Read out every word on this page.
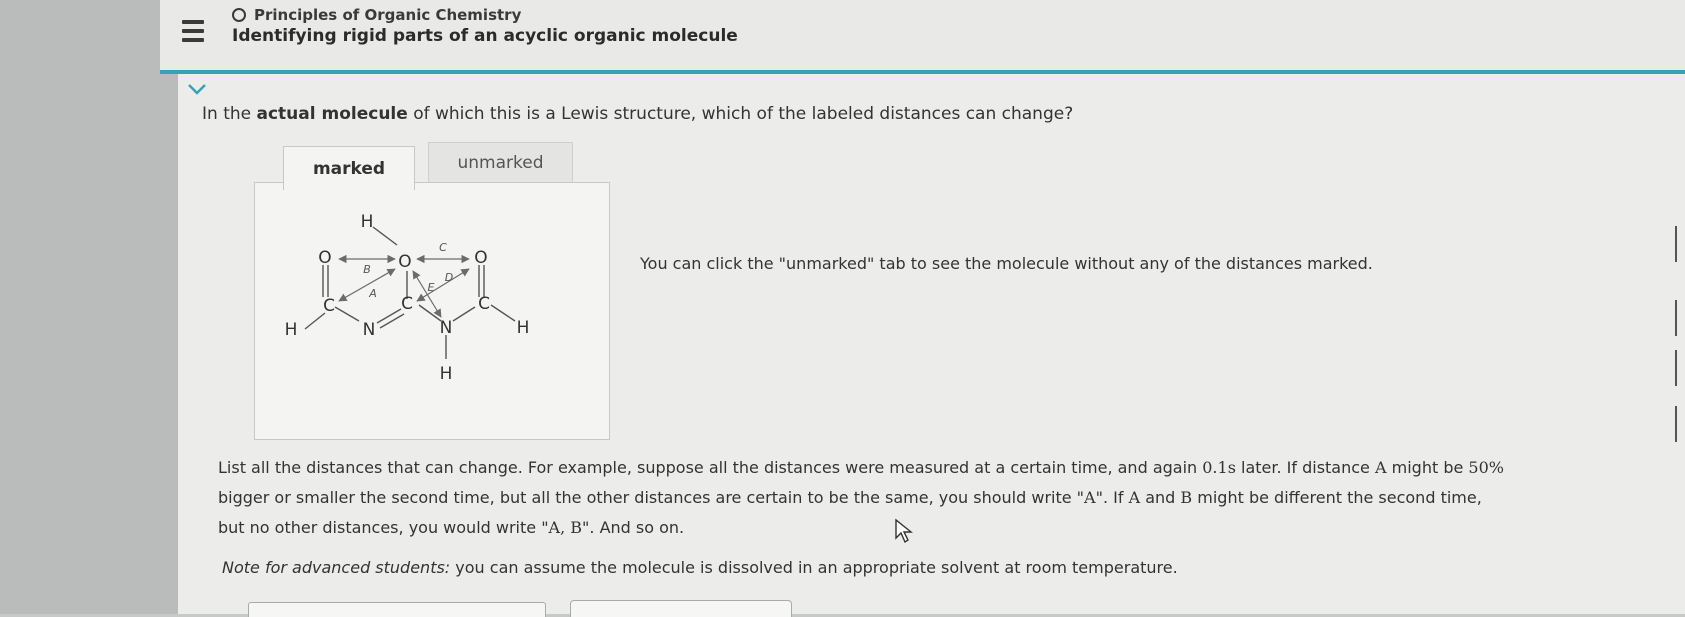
Principles of Organic Chemistry
Identifying rigid parts of an acyclic organic molecule
In the actual molecule of which this is a Lewis structure, which of the labeled distances can change?
unmarked
O
H
O	O
C	C	C
N	N
H	H
H
A
B
C
D
E
marked
You can click the "unmarked" tab to see the molecule without any of the distances marked.
List all the distances that can change. For example, suppose all the distances were measured at a certain time, and again 0.1s later. If distance A might be 50%
bigger or smaller the second time, but all the other distances are certain to be the same, you should write "A". If A and B might be different the second time,
but no other distances, you would write "A, B". And so on.
Note for advanced students: you can assume the molecule is dissolved in an appropriate solvent at room temperature.
